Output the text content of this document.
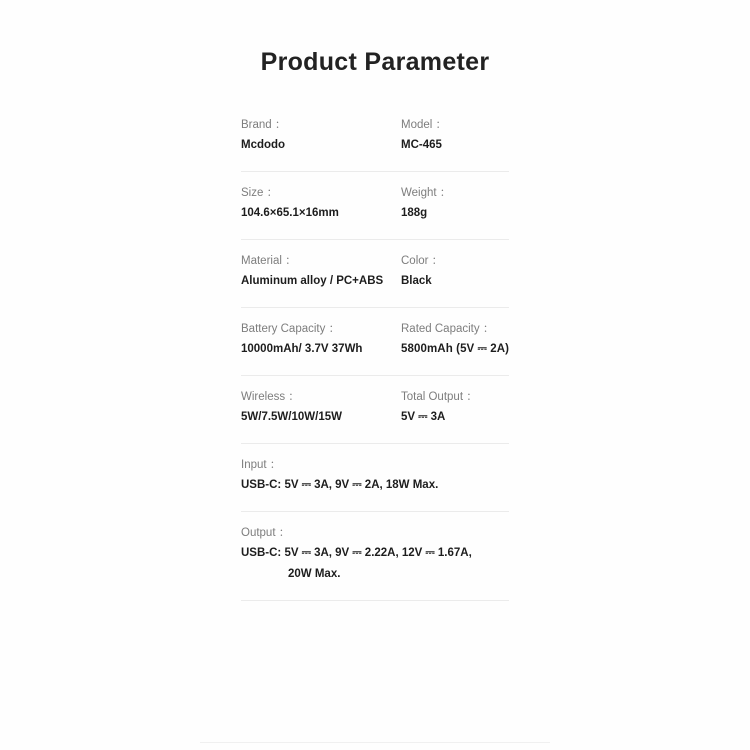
Product Parameter
Brand ：
Mcdodo
Model ：
MC-465
Size ：
104.6×65.1×16mm
Weight ：
188g
Material ：
Aluminum alloy / PC+ABS
Color ：
Black
Battery Capacity ：
10000mAh/ 3.7V 37Wh
Rated Capacity ：
5800mAh (5V ⎓ 2A)
Wireless ：
5W/7.5W/10W/15W
Total Output ：
5V ⎓ 3A
Input ：
USB-C: 5V ⎓ 3A, 9V ⎓ 2A, 18W Max.
Output ：
USB-C: 5V ⎓ 3A, 9V ⎓ 2.22A, 12V ⎓ 1.67A,
20W Max.
